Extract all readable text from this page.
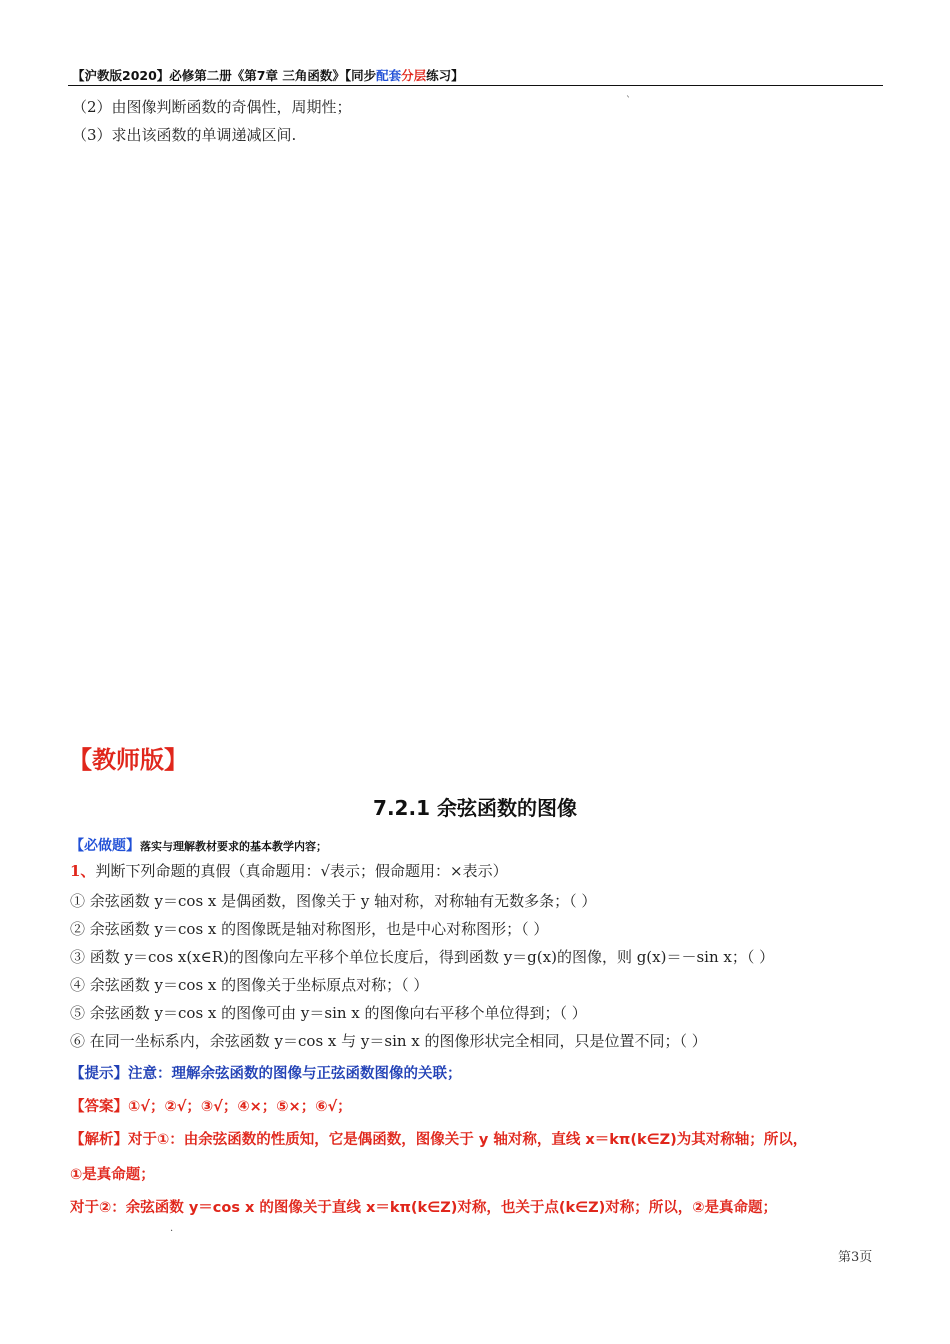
【沪教版2020】必修第二册《第7章 三角函数》【同步配套分层练习】
（2）由图像判断函数的奇偶性，周期性；
（3）求出该函数的单调递减区间.
`
【教师版】
7.2.1 余弦函数的图像
【必做题】落实与理解教材要求的基本教学内容；
1、判断下列命题的真假（真命题用：√表示；假命题用：×表示）
① 余弦函数 y＝cos x 是偶函数，图像关于 y 轴对称，对称轴有无数多条；（ ）
② 余弦函数 y＝cos x 的图像既是轴对称图形，也是中心对称图形；（ ）
③ 函数 y＝cos x(x∈R)的图像向左平移个单位长度后，得到函数 y＝g(x)的图像，则 g(x)＝－sin x；（ ）
④ 余弦函数 y＝cos x 的图像关于坐标原点对称；（ ）
⑤ 余弦函数 y＝cos x 的图像可由 y＝sin x 的图像向右平移个单位得到；（ ）
⑥ 在同一坐标系内，余弦函数 y＝cos x 与 y＝sin x 的图像形状完全相同，只是位置不同；（ ）
【提示】注意：理解余弦函数的图像与正弦函数图像的关联；
【答案】①√；②√；③√；④×；⑤×；⑥√；
【解析】对于①：由余弦函数的性质知，它是偶函数，图像关于 y 轴对称，直线 x＝kπ(k∈Z)为其对称轴；所以，
①是真命题；
对于②：余弦函数 y＝cos x 的图像关于直线 x＝kπ(k∈Z)对称，也关于点(k∈Z)对称；所以，②是真命题；
·
第3页
